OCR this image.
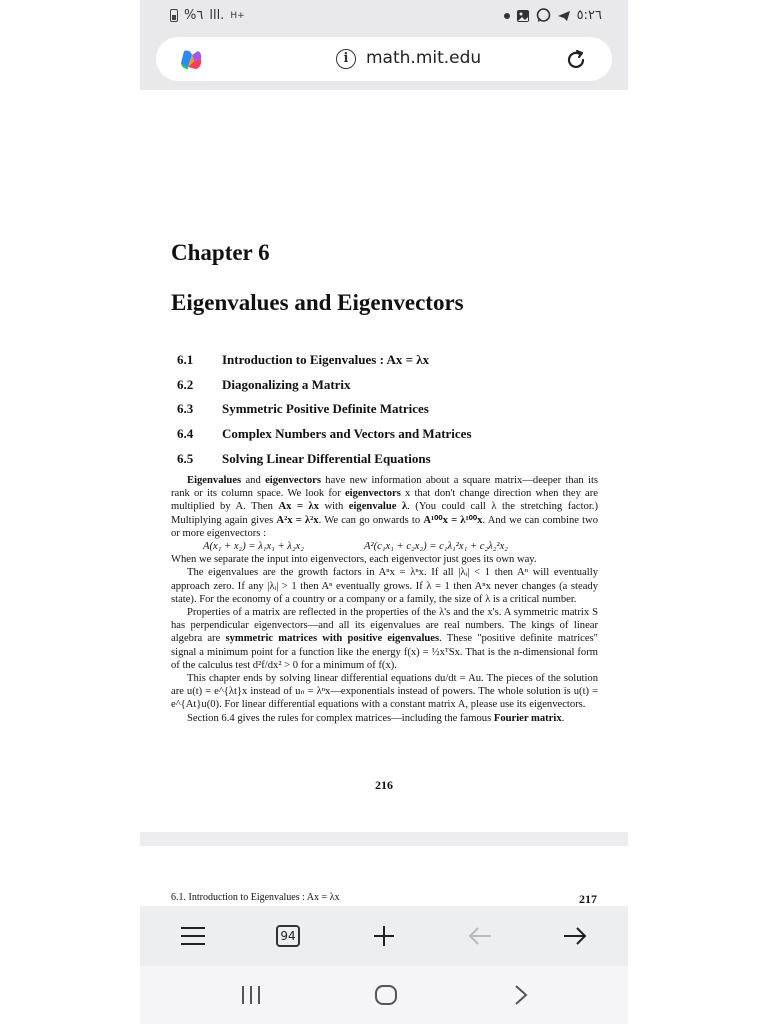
%٦ lll. H+	٥:٢٦
i	math.mit.edu
Chapter 6
Eigenvalues and Eigenvectors
6.1	Introduction to Eigenvalues : Ax = λx
6.2	Diagonalizing a Matrix
6.3	Symmetric Positive Definite Matrices
6.4	Complex Numbers and Vectors and Matrices
6.5	Solving Linear Differential Equations

Eigenvalues and eigenvectors have new information about a square matrix—deeper than its rank or its column space. We look for eigenvectors x that don't change direction when they are multiplied by A. Then Ax = λx with eigenvalue λ. (You could call λ the stretching factor.) Multiplying again gives A²x = λ²x. We can go onwards to A¹⁰⁰x = λ¹⁰⁰x. And we can combine two or more eigenvectors :

A(x₁ + x₂) = λ₁x₁ + λ₂x₂	A²(c₁x₁ + c₂x₂) = c₁λ₁²x₁ + c₂λ₂²x₂

When we separate the input into eigenvectors, each eigenvector just goes its own way.

The eigenvalues are the growth factors in Aⁿx = λⁿx. If all |λᵢ| < 1 then Aⁿ will eventually approach zero. If any |λᵢ| > 1 then Aⁿ eventually grows. If λ = 1 then Aⁿx never changes (a steady state). For the economy of a country or a company or a family, the size of λ is a critical number.

Properties of a matrix are reflected in the properties of the λ's and the x's. A symmetric matrix S has perpendicular eigenvectors—and all its eigenvalues are real numbers. The kings of linear algebra are symmetric matrices with positive eigenvalues. These "positive definite matrices" signal a minimum point for a function like the energy f(x) = ½xᵀSx. That is the n-dimensional form of the calculus test d²f/dx² > 0 for a minimum of f(x).

This chapter ends by solving linear differential equations du/dt = Au. The pieces of the solution are u(t) = e^{λt}x instead of uₙ = λⁿx—exponentials instead of powers. The whole solution is u(t) = e^{At}u(0). For linear differential equations with a constant matrix A, please use its eigenvectors.

Section 6.4 gives the rules for complex matrices—including the famous Fourier matrix.

216
6.1. Introduction to Eigenvalues : Ax = λx	217
94
